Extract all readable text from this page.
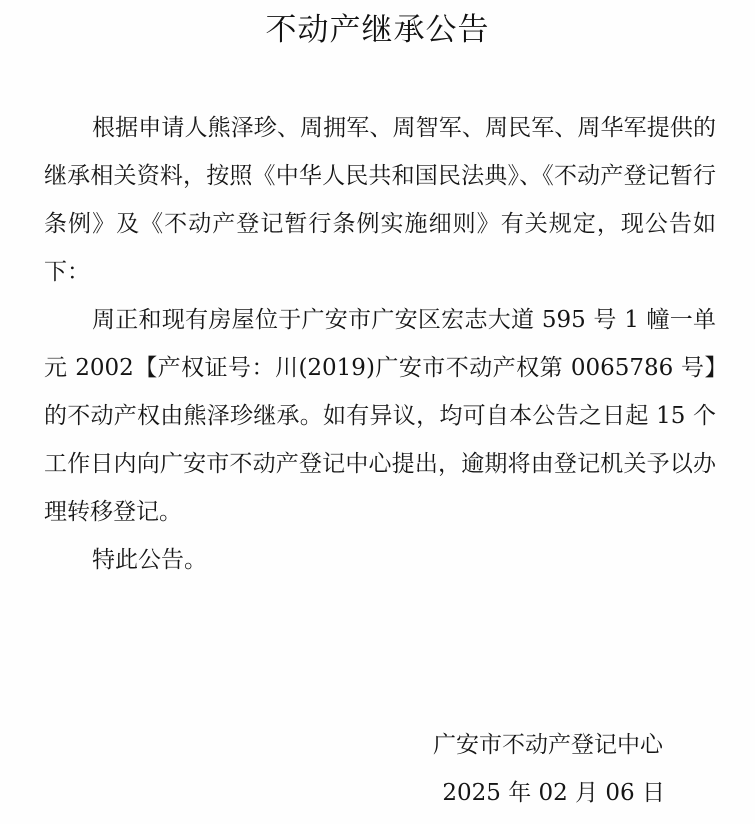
不动产继承公告

根据申请人熊泽珍、周拥军、周智军、周民军、周华军提供的继承相关资料，按照《中华人民共和国民法典》、《不动产登记暂行条例》及《不动产登记暂行条例实施细则》有关规定，现公告如下：

周正和现有房屋位于广安市广安区宏志大道 595 号 1 幢一单元 2002【产权证号：川(2019)广安市不动产权第 0065786 号】的不动产权由熊泽珍继承。如有异议，均可自本公告之日起 15 个工作日内向广安市不动产登记中心提出，逾期将由登记机关予以办理转移登记。

特此公告。

广安市不动产登记中心
2025 年 02 月 06 日
